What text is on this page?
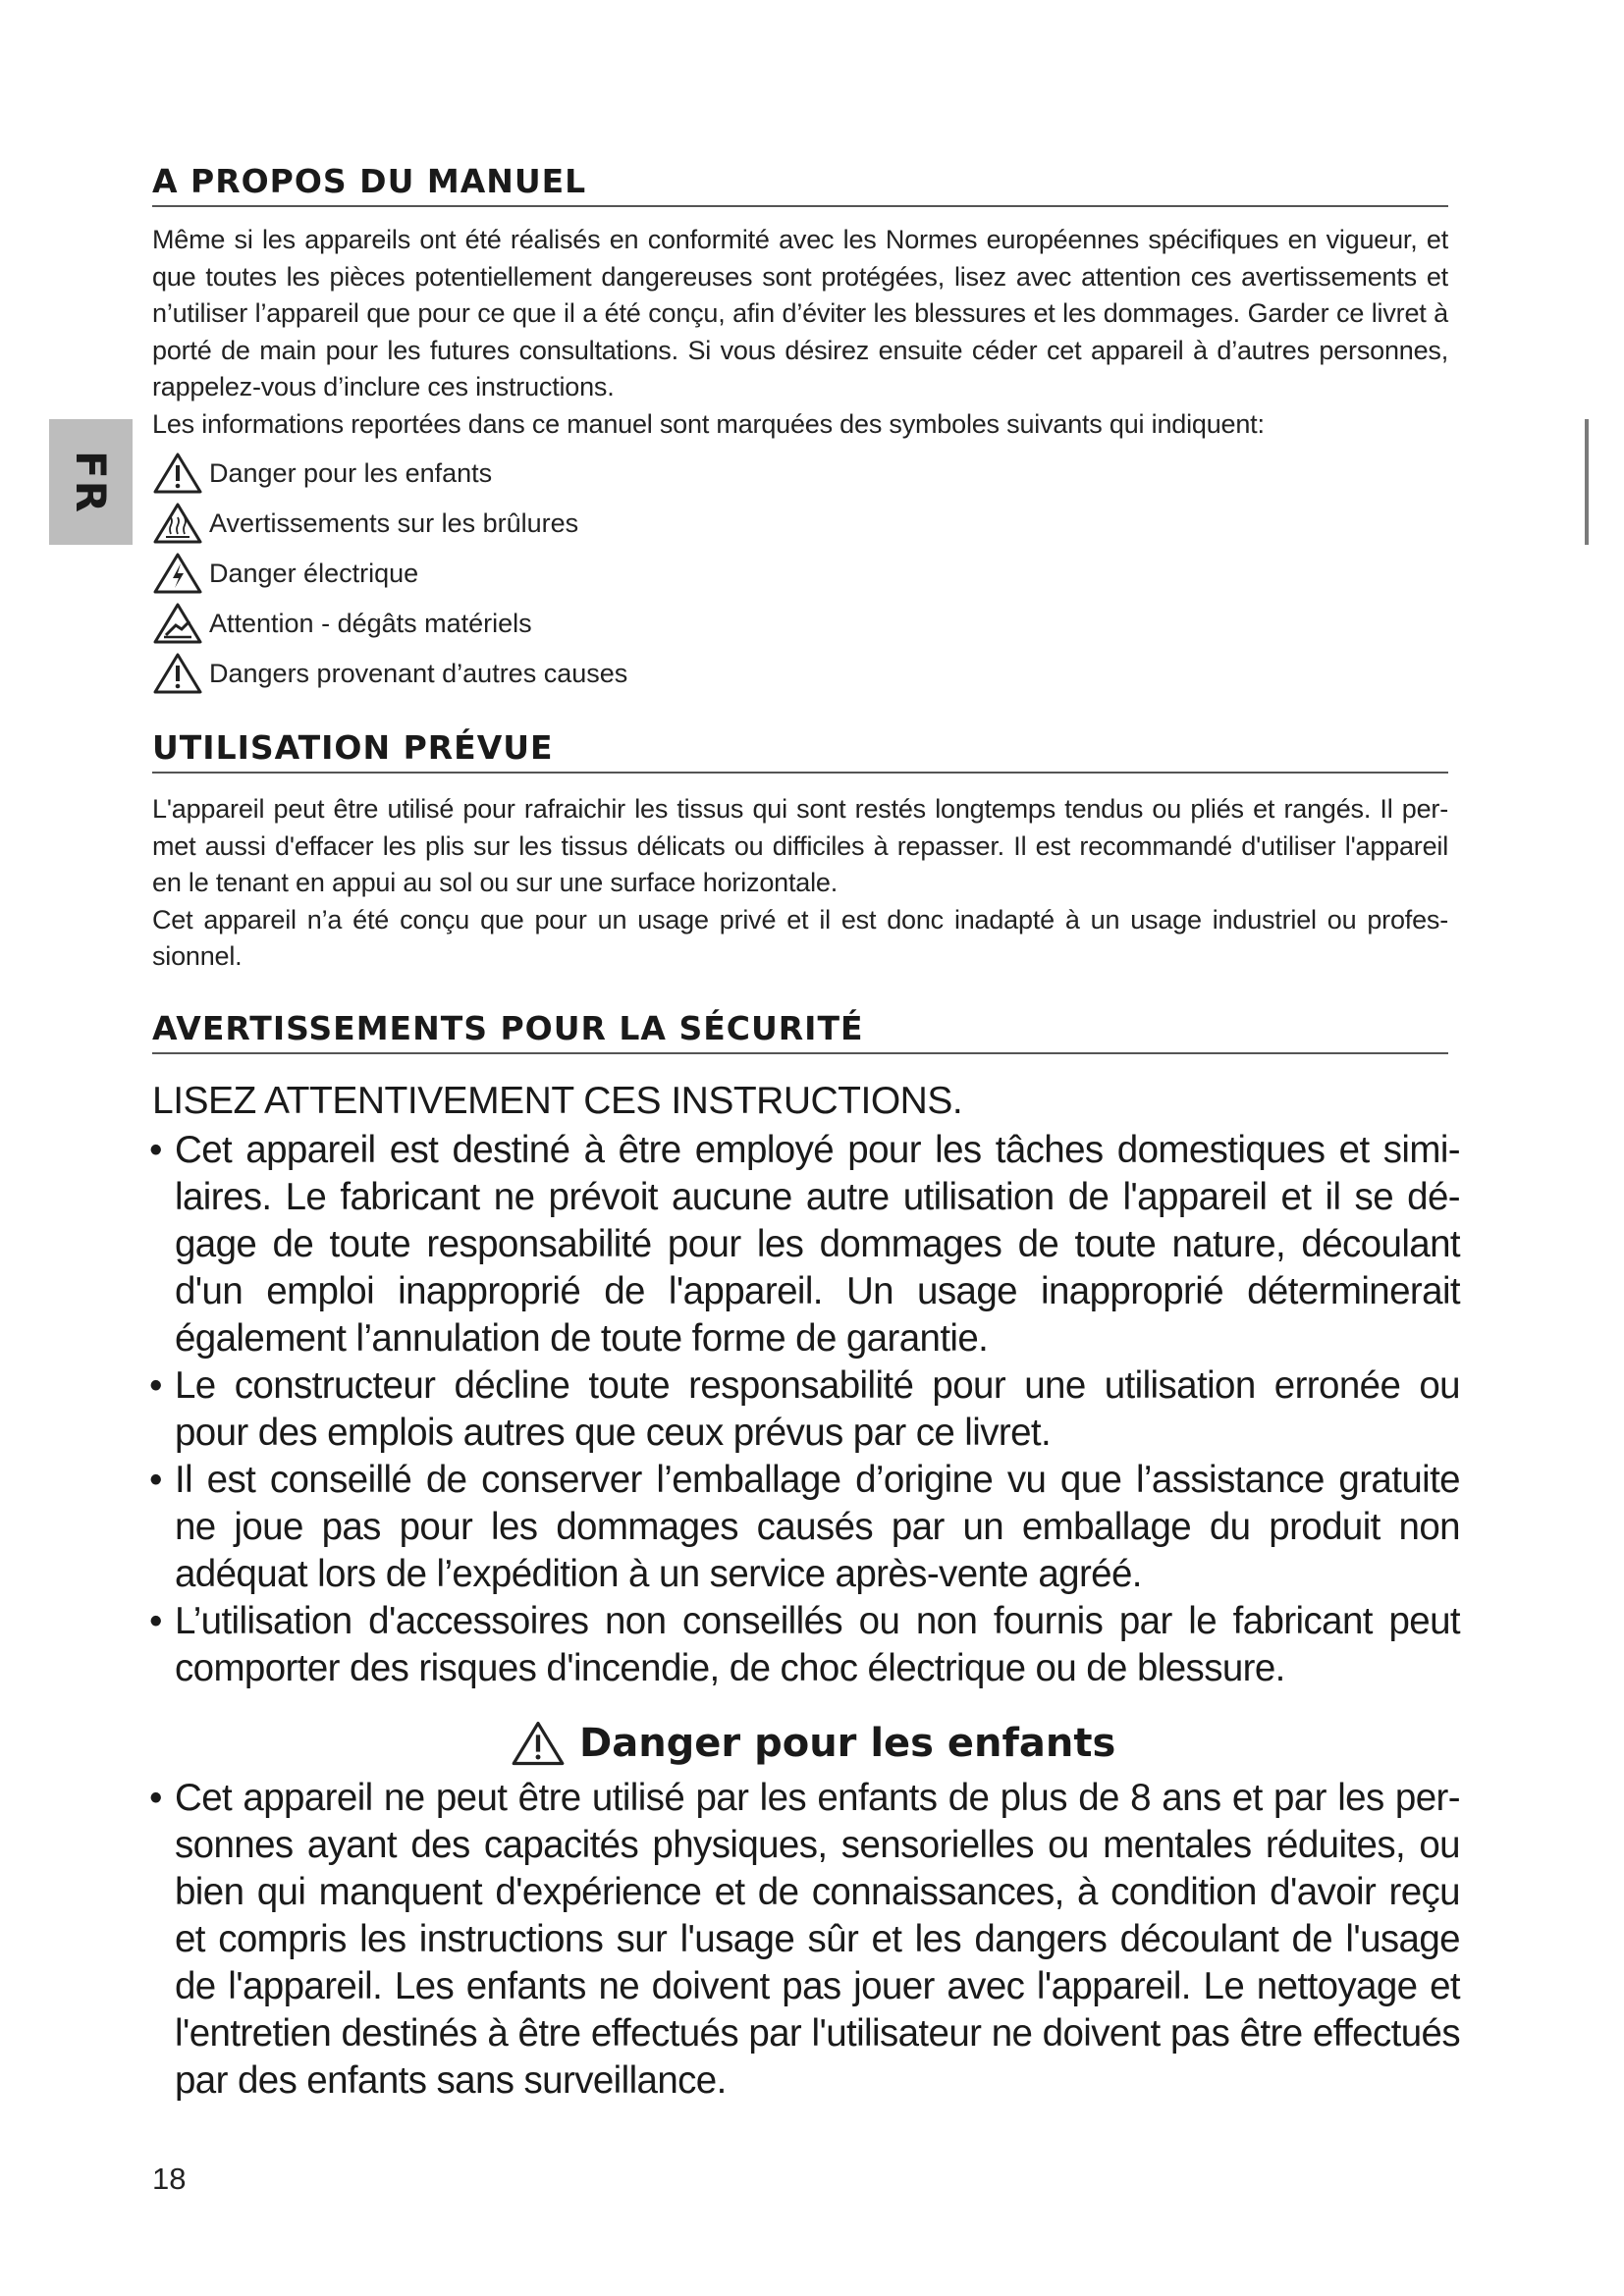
FR
A PROPOS DU MANUEL

Même si les appareils ont été réalisés en conformité avec les Normes européennes spécifiques en vigueur, et que toutes les pièces potentiellement dangereuses sont protégées, lisez avec attention ces avertissements et n’utiliser l’appareil que pour ce que il a été conçu, afin d’éviter les blessures et les dommages. Garder ce livret à porté de main pour les futures consultations. Si vous désirez ensuite céder cet appareil à d’autres personnes, rappelez-vous d’inclure ces instructions.

Les informations reportées dans ce manuel sont marquées des symboles suivants qui indiquent:

Danger pour les enfants
Avertissements sur les brûlures
Danger électrique
Attention - dégâts matériels
Dangers provenant d’autres causes
UTILISATION PRÉVUE

L'appareil peut être utilisé pour rafraichir les tissus qui sont restés longtemps tendus ou pliés et rangés. Il per-met aussi d'effacer les plis sur les tissus délicats ou difficiles à repasser. Il est recommandé d'utiliser l'appareil en le tenant en appui au sol ou sur une surface horizontale.

Cet appareil n’a été conçu que pour un usage privé et il est donc inadapté à un usage industriel ou profes-sionnel.

AVERTISSEMENTS POUR LA SÉCURITÉ
LISEZ ATTENTIVEMENT CES INSTRUCTIONS.

• Cet appareil est destiné à être employé pour les tâches domestiques et simi-laires. Le fabricant ne prévoit aucune autre utilisation de l'appareil et il se dé-gage de toute responsabilité pour les dommages de toute nature, découlant d'un emploi inapproprié de l'appareil. Un usage inapproprié déterminerait également l’annulation de toute forme de garantie.

• Le constructeur décline toute responsabilité pour une utilisation erronée ou pour des emplois autres que ceux prévus par ce livret.

• Il est conseillé de conserver l’emballage d’origine vu que l’assistance gratuite ne joue pas pour les dommages causés par un emballage du produit non adéquat lors de l’expédition à un service après-vente agréé.

• L’utilisation d'accessoires non conseillés ou non fournis par le fabricant peut comporter des risques d'incendie, de choc électrique ou de blessure.

Danger pour les enfants

• Cet appareil ne peut être utilisé par les enfants de plus de 8 ans et par les per-sonnes ayant des capacités physiques, sensorielles ou mentales réduites, ou bien qui manquent d'expérience et de connaissances, à condition d'avoir reçu et compris les instructions sur l'usage sûr et les dangers découlant de l'usage de l'appareil. Les enfants ne doivent pas jouer avec l'appareil. Le nettoyage et l'entretien destinés à être effectués par l'utilisateur ne doivent pas être effectués par des enfants sans surveillance.

18
